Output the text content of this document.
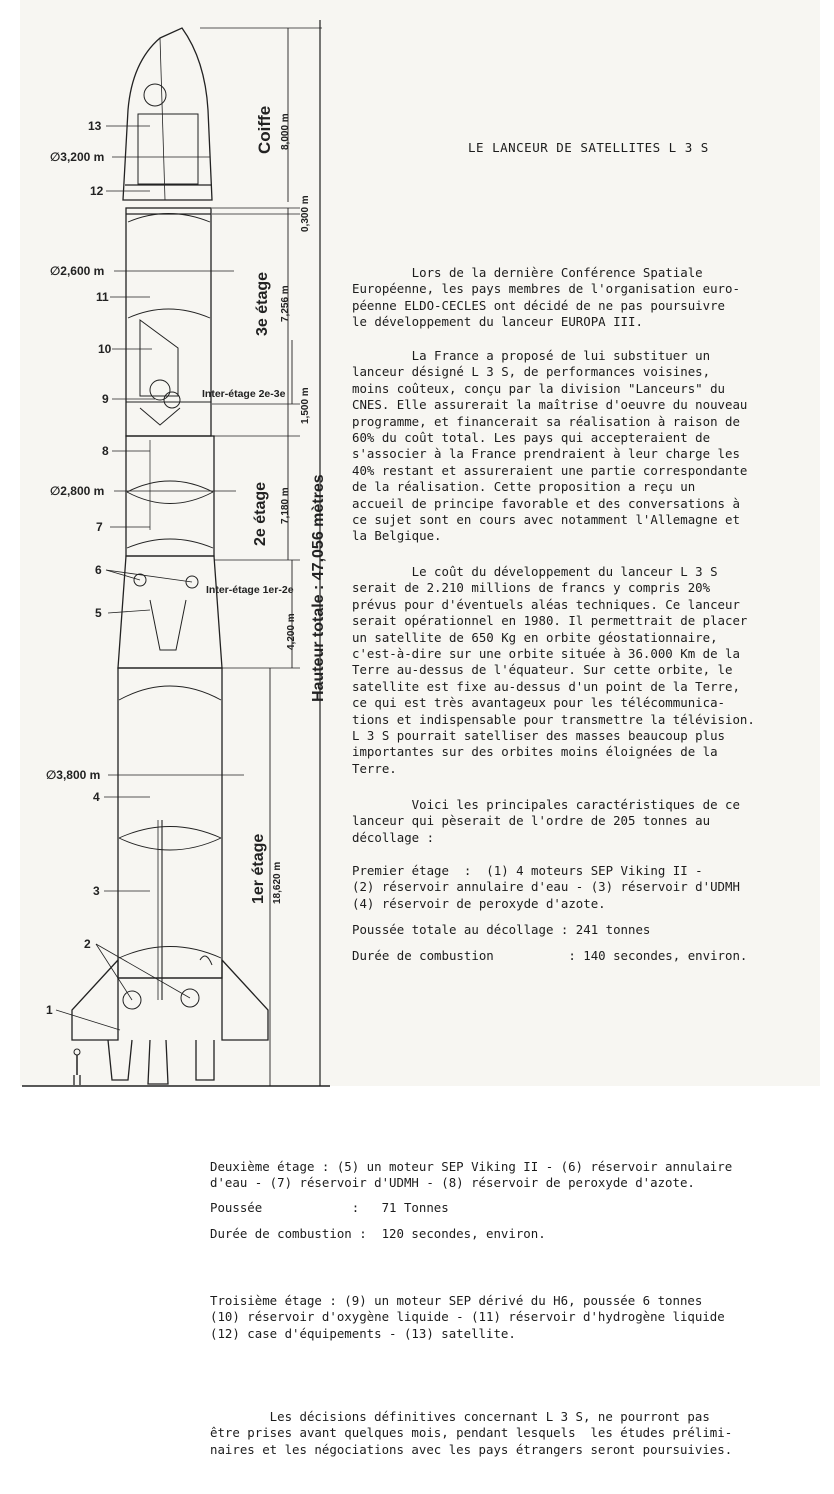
Coiffe 8,000 m
0,300 m
3e étage 7,256 m
Inter-étage 2e-3e 1,500 m
2e étage 7,180 m
Inter-étage 1er-2e
4,200 m
1er étage 18,620 m
Hauteur totale : 47,056 mètres
∅3,200 m
∅2,600 m
∅2,800 m
∅3,800 m
13
12
11
10
9
8
7
6
5
4
3
2
1
LE LANCEUR DE SATELLITES L 3 S
Lors de la dernière Conférence Spatiale
Européenne, les pays membres de l'organisation euro-
péenne ELDO-CECLES ont décidé de ne pas poursuivre
le développement du lanceur EUROPA III.
La France a proposé de lui substituer un
lanceur désigné L 3 S, de performances voisines,
moins coûteux, conçu par la division "Lanceurs" du
CNES. Elle assurerait la maîtrise d'oeuvre du nouveau
programme, et financerait sa réalisation à raison de
60% du coût total. Les pays qui accepteraient de
s'associer à la France prendraient à leur charge les
40% restant et assureraient une partie correspondante
de la réalisation. Cette proposition a reçu un
accueil de principe favorable et des conversations à
ce sujet sont en cours avec notamment l'Allemagne et
la Belgique.
Le coût du développement du lanceur L 3 S
serait de 2.210 millions de francs y compris 20%
prévus pour d'éventuels aléas techniques. Ce lanceur
serait opérationnel en 1980. Il permettrait de placer
un satellite de 650 Kg en orbite géostationnaire,
c'est-à-dire sur une orbite située à 36.000 Km de la
Terre au-dessus de l'équateur. Sur cette orbite, le
satellite est fixe au-dessus d'un point de la Terre,
ce qui est très avantageux pour les télécommunica-
tions et indispensable pour transmettre la télévision.
L 3 S pourrait satelliser des masses beaucoup plus
importantes sur des orbites moins éloignées de la
Terre.
Voici les principales caractéristiques de ce
lanceur qui pèserait de l'ordre de 205 tonnes au
décollage :
Premier étage  :  (1) 4 moteurs SEP Viking II -
(2) réservoir annulaire d'eau - (3) réservoir d'UDMH
(4) réservoir de peroxyde d'azote.
Poussée totale au décollage : 241 tonnes
Durée de combustion          : 140 secondes, environ.
Deuxième étage : (5) un moteur SEP Viking II - (6) réservoir annulaire
d'eau - (7) réservoir d'UDMH - (8) réservoir de peroxyde d'azote.
Poussée            :   71 Tonnes
Durée de combustion :  120 secondes, environ.
Troisième étage : (9) un moteur SEP dérivé du H6, poussée 6 tonnes
(10) réservoir d'oxygène liquide - (11) réservoir d'hydrogène liquide
(12) case d'équipements - (13) satellite.
Les décisions définitives concernant L 3 S, ne pourront pas
être prises avant quelques mois, pendant lesquels  les études prélimi-
naires et les négociations avec les pays étrangers seront poursuivies.
